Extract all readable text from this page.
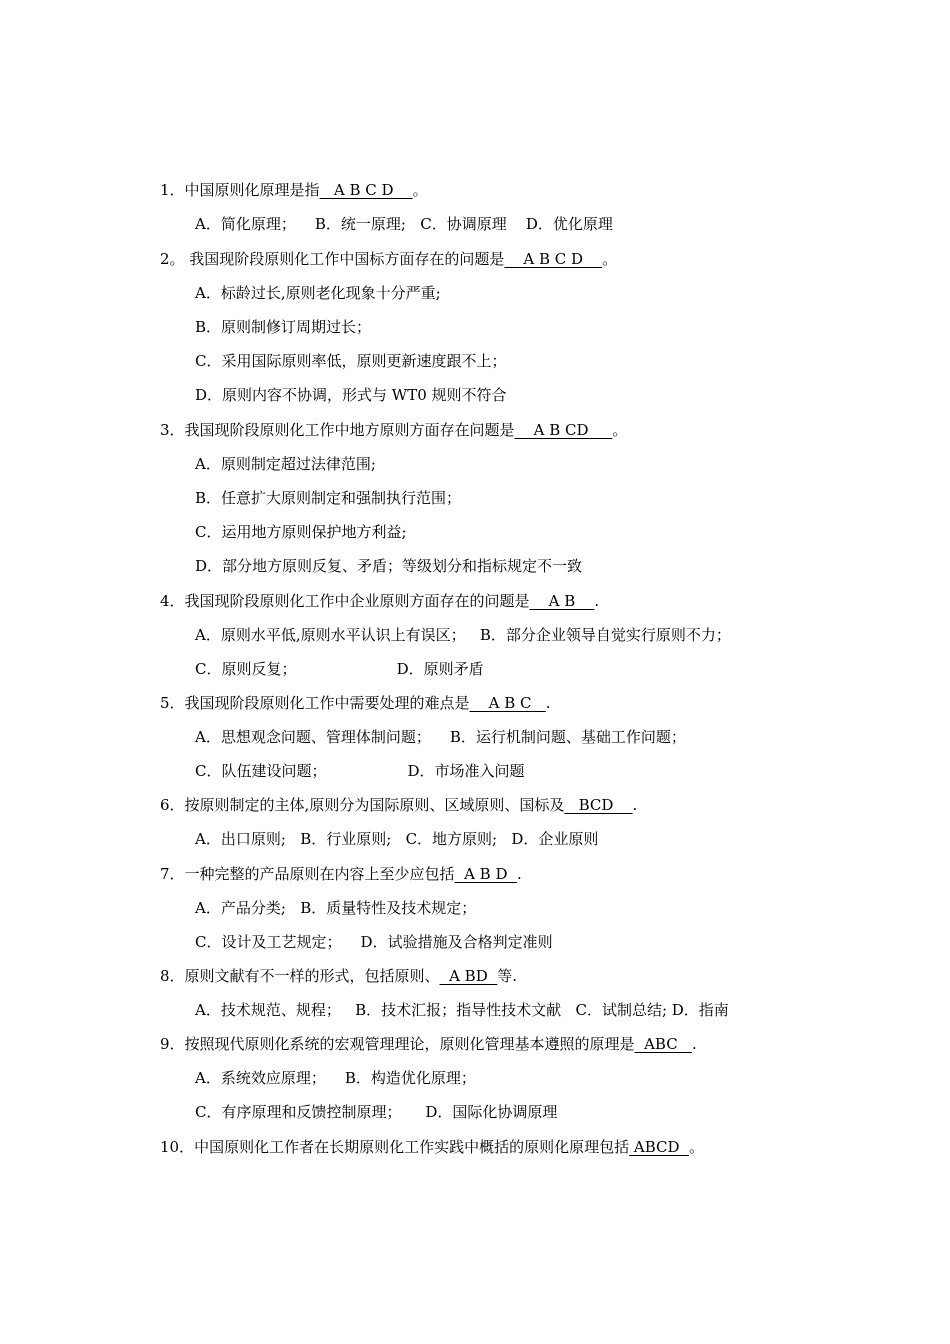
1．中国原则化原理是指   A B C D    。
A．简化原理；    B．统一原理;   C．协调原理    D．优化原理
2。 我国现阶段原则化工作中国标方面存在的问题是    A B C D    。
A．标龄过长,原则老化现象十分严重;
B．原则制修订周期过长；
C．采用国际原则率低，原则更新速度跟不上；
D．原则内容不协调，形式与 WT0 规则不符合
3．我国现阶段原则化工作中地方原则方面存在问题是    A B CD     。
A．原则制定超过法律范围;
B．任意扩大原则制定和强制执行范围；
C．运用地方原则保护地方利益;
D．部分地方原则反复、矛盾；等级划分和指标规定不一致
4．我国现阶段原则化工作中企业原则方面存在的问题是    A B    .
A．原则水平低,原则水平认识上有误区；   B．部分企业领导自觉实行原则不力；
C．原则反复；                     D．原则矛盾
5．我国现阶段原则化工作中需要处理的难点是    A B C   .
A．思想观念问题、管理体制问题；    B．运行机制问题、基础工作问题；
C．队伍建设问题；                 D．市场准入问题
6．按原则制定的主体,原则分为国际原则、区域原则、国标及   BCD    .
A．出口原则;   B．行业原则;   C．地方原则;   D．企业原则
7．一种完整的产品原则在内容上至少应包括  A B D  .
A．产品分类;   B．质量特性及技术规定；
C．设计及工艺规定；    D．试验措施及合格判定准则
8．原则文献有不一样的形式，包括原则、  A BD  等.
A．技术规范、规程；   B．技术汇报；指导性技术文献   C．试制总结; D．指南
9．按照现代原则化系统的宏观管理理论，原则化管理基本遵照的原理是  ABC   .
A．系统效应原理；    B．构造优化原理；
C．有序原理和反馈控制原理；     D．国际化协调原理
10．中国原则化工作者在长期原则化工作实践中概括的原则化原理包括 ABCD  。
